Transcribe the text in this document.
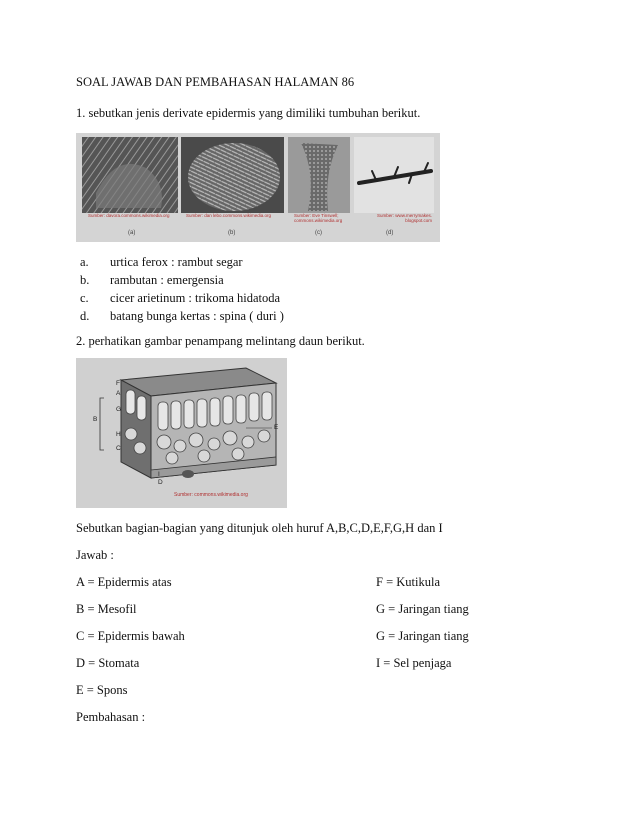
SOAL JAWAB DAN PEMBAHASAN HALAMAN 86
1. sebutkan jenis derivate epidermis yang dimiliki tumbuhan berikut.
Sumber: davora.commons.wikimedia.org	Sumber: dan lebo.commons.wikimedia.org	Sumber: Eve Tinswell; commons.wikimedia.org
Sumber: www.merrymakes. blogspot.com
(a)	(b)	(c)	(d)
a. urtica ferox : rambut segar
b. rambutan : emergensia
c. cicer arietinum : trikoma hidatoda
d. batang bunga kertas : spina ( duri )
2. perhatikan gambar penampang melintang daun berikut.
F
A
G
B
H
C
E
I
D
Sumber: commons.wikimedia.org
Sebutkan bagian-bagian yang ditunjuk oleh huruf A,B,C,D,E,F,G,H dan I
Jawab :
A = Epidermis atas
B = Mesofil
C = Epidermis bawah
D = Stomata
E = Spons
F = Kutikula
G = Jaringan tiang
G = Jaringan tiang
I = Sel penjaga
Pembahasan :
